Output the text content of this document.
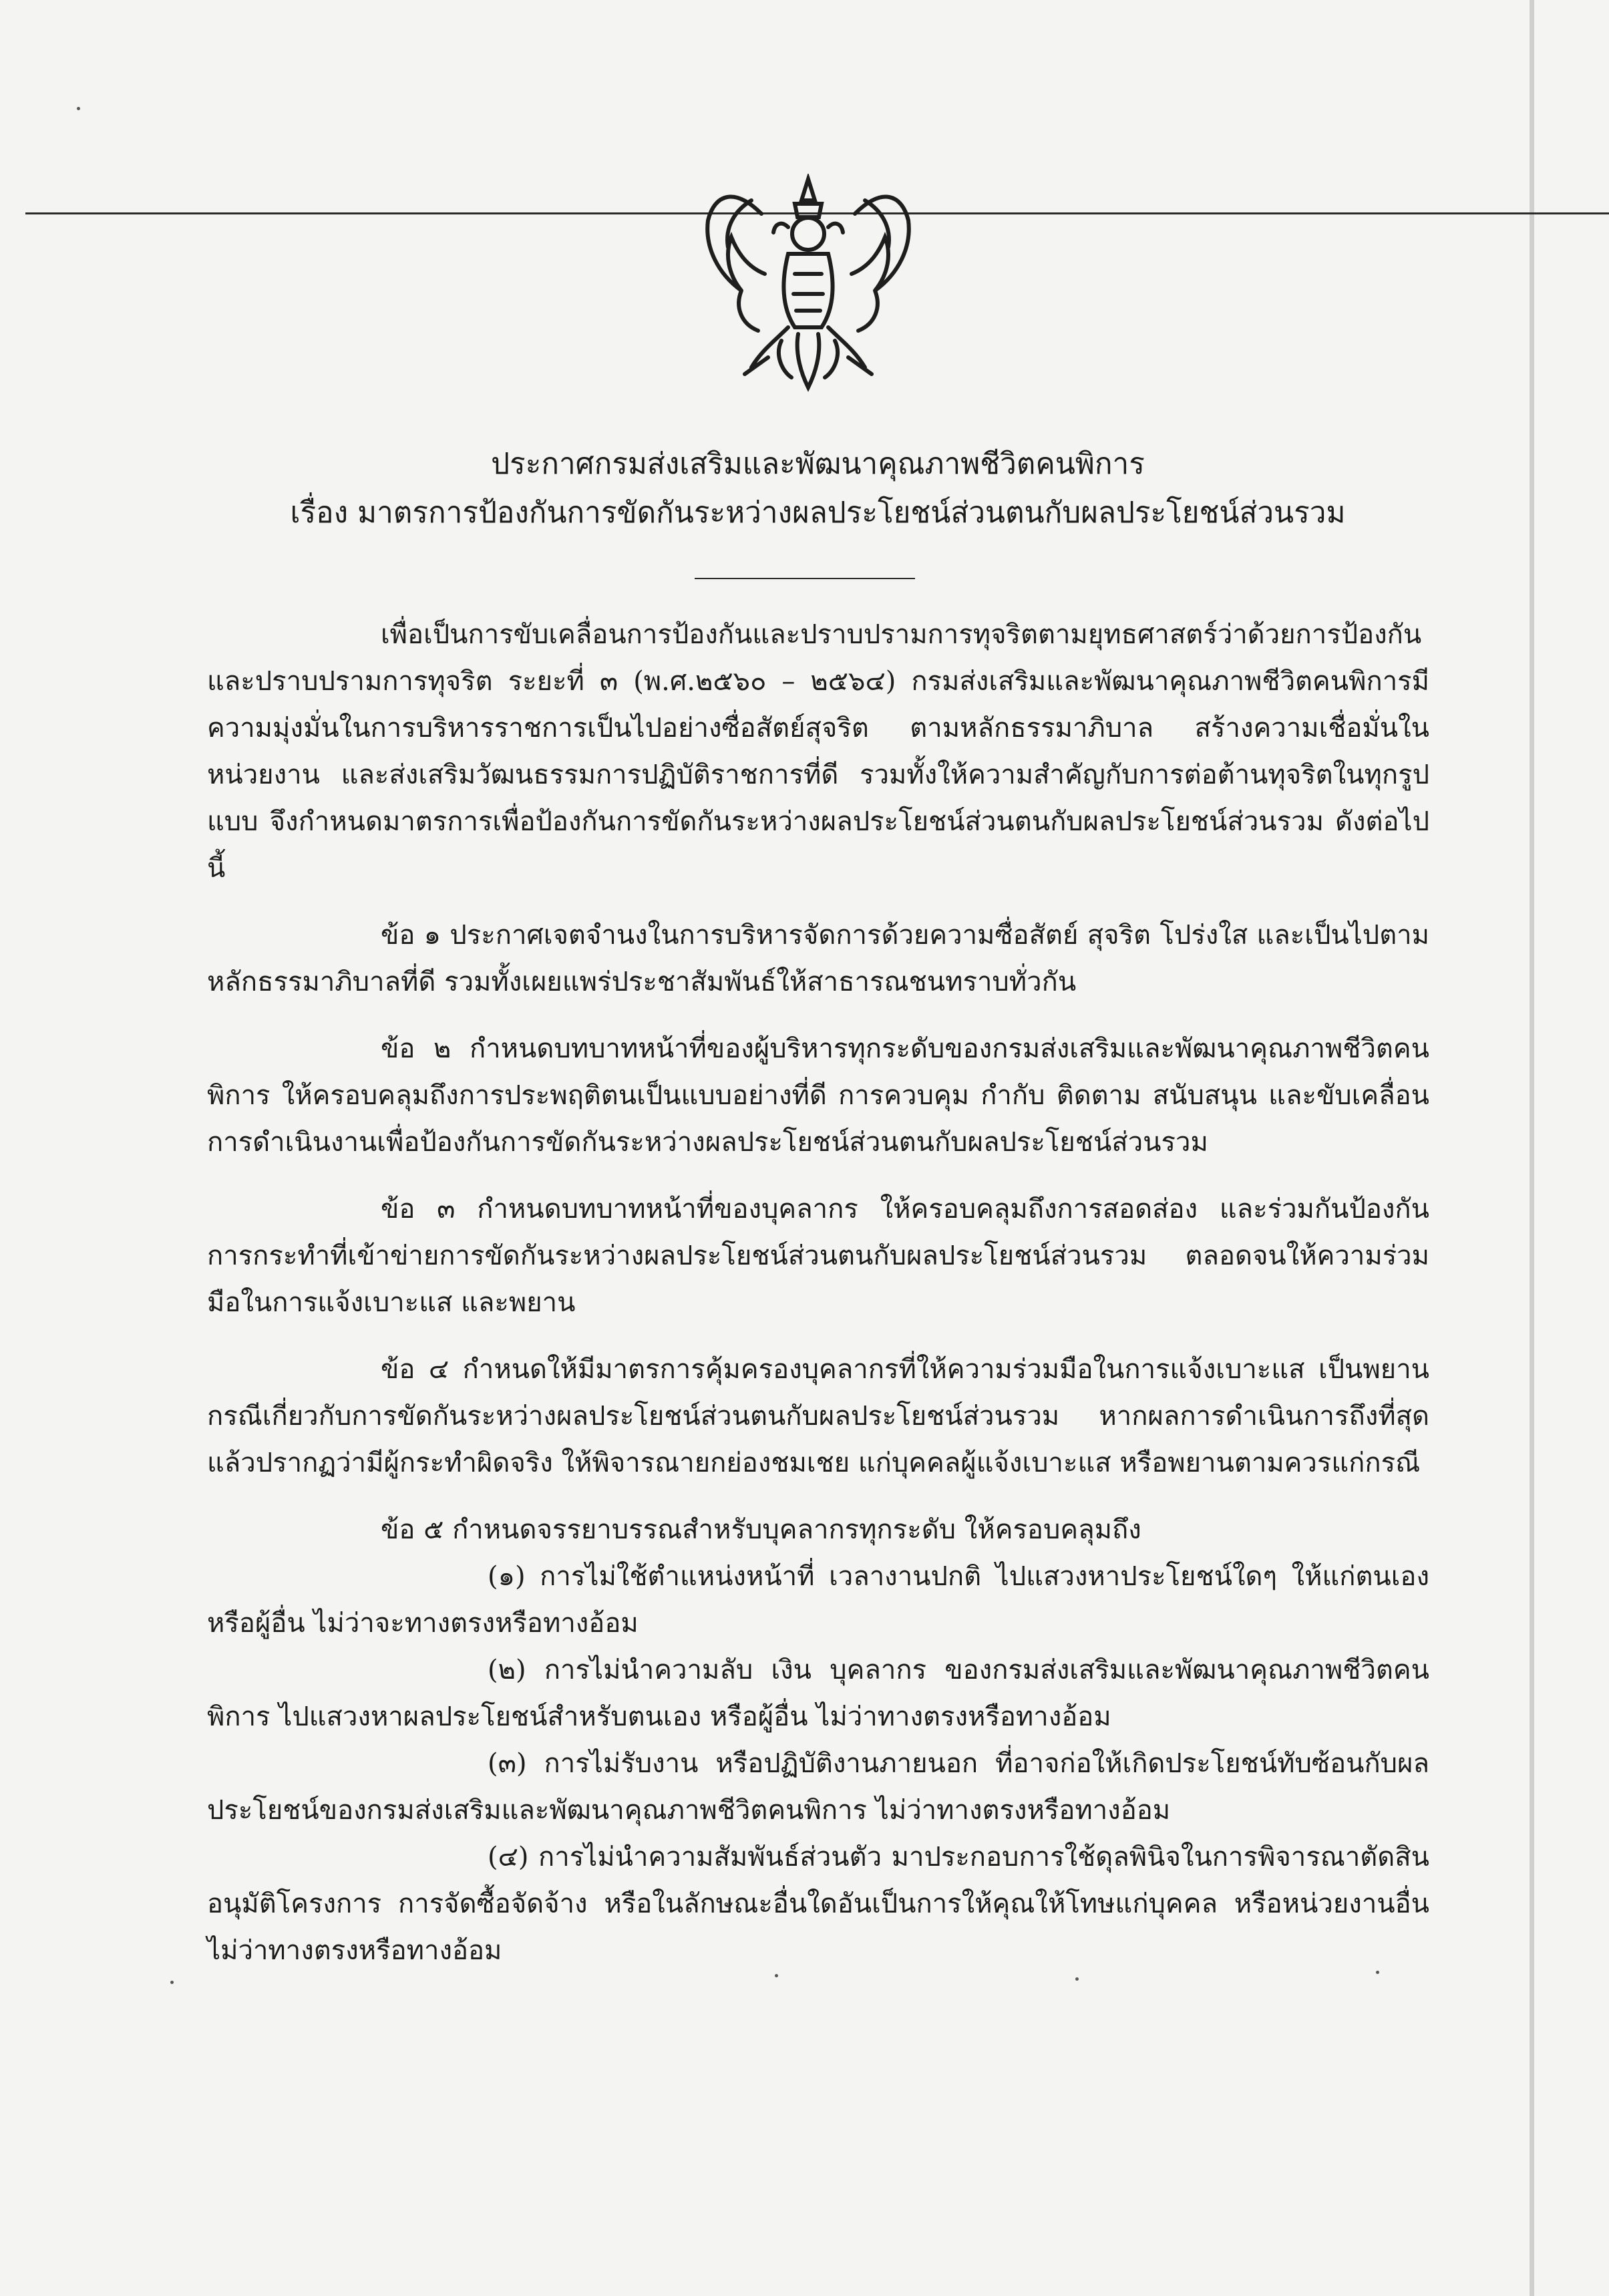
ประกาศกรมส่งเสริมและพัฒนาคุณภาพชีวิตคนพิการ
เรื่อง มาตรการป้องกันการขัดกันระหว่างผลประโยชน์ส่วนตนกับผลประโยชน์ส่วนรวม

เพื่อเป็นการขับเคลื่อนการป้องกันและปราบปรามการทุจริตตามยุทธศาสตร์ว่าด้วยการป้องกันและปราบปรามการทุจริต ระยะที่ ๓ (พ.ศ.๒๕๖๐ – ๒๕๖๔) กรมส่งเสริมและพัฒนาคุณภาพชีวิตคนพิการมีความมุ่งมั่นในการบริหารราชการเป็นไปอย่างซื่อสัตย์สุจริต ตามหลักธรรมาภิบาล สร้างความเชื่อมั่นในหน่วยงาน และส่งเสริมวัฒนธรรมการปฏิบัติราชการที่ดี รวมทั้งให้ความสำคัญกับการต่อต้านทุจริตในทุกรูปแบบ จึงกำหนดมาตรการเพื่อป้องกันการขัดกันระหว่างผลประโยชน์ส่วนตนกับผลประโยชน์ส่วนรวม ดังต่อไปนี้

ข้อ ๑ ประกาศเจตจำนงในการบริหารจัดการด้วยความซื่อสัตย์ สุจริต โปร่งใส และเป็นไปตามหลักธรรมาภิบาลที่ดี รวมทั้งเผยแพร่ประชาสัมพันธ์ให้สาธารณชนทราบทั่วกัน

ข้อ ๒ กำหนดบทบาทหน้าที่ของผู้บริหารทุกระดับของกรมส่งเสริมและพัฒนาคุณภาพชีวิตคนพิการ ให้ครอบคลุมถึงการประพฤติตนเป็นแบบอย่างที่ดี การควบคุม กำกับ ติดตาม สนับสนุน และขับเคลื่อนการดำเนินงานเพื่อป้องกันการขัดกันระหว่างผลประโยชน์ส่วนตนกับผลประโยชน์ส่วนรวม

ข้อ ๓ กำหนดบทบาทหน้าที่ของบุคลากร ให้ครอบคลุมถึงการสอดส่อง และร่วมกันป้องกันการกระทำที่เข้าข่ายการขัดกันระหว่างผลประโยชน์ส่วนตนกับผลประโยชน์ส่วนรวม ตลอดจนให้ความร่วมมือในการแจ้งเบาะแส และพยาน

ข้อ ๔ กำหนดให้มีมาตรการคุ้มครองบุคลากรที่ให้ความร่วมมือในการแจ้งเบาะแส เป็นพยานกรณีเกี่ยวกับการขัดกันระหว่างผลประโยชน์ส่วนตนกับผลประโยชน์ส่วนรวม หากผลการดำเนินการถึงที่สุดแล้วปรากฏว่ามีผู้กระทำผิดจริง ให้พิจารณายกย่องชมเชย แก่บุคคลผู้แจ้งเบาะแส หรือพยานตามควรแก่กรณี

ข้อ ๕ กำหนดจรรยาบรรณสำหรับบุคลากรทุกระดับ ให้ครอบคลุมถึง

(๑) การไม่ใช้ตำแหน่งหน้าที่ เวลางานปกติ ไปแสวงหาประโยชน์ใดๆ ให้แก่ตนเองหรือผู้อื่น ไม่ว่าจะทางตรงหรือทางอ้อม

(๒) การไม่นำความลับ เงิน บุคลากร ของกรมส่งเสริมและพัฒนาคุณภาพชีวิตคนพิการ ไปแสวงหาผลประโยชน์สำหรับตนเอง หรือผู้อื่น ไม่ว่าทางตรงหรือทางอ้อม

(๓) การไม่รับงาน หรือปฏิบัติงานภายนอก ที่อาจก่อให้เกิดประโยชน์ทับซ้อนกับผลประโยชน์ของกรมส่งเสริมและพัฒนาคุณภาพชีวิตคนพิการ ไม่ว่าทางตรงหรือทางอ้อม

(๔) การไม่นำความสัมพันธ์ส่วนตัว มาประกอบการใช้ดุลพินิจในการพิจารณาตัดสิน อนุมัติโครงการ การจัดซื้อจัดจ้าง หรือในลักษณะอื่นใดอันเป็นการให้คุณให้โทษแก่บุคคล หรือหน่วยงานอื่น ไม่ว่าทางตรงหรือทางอ้อม
